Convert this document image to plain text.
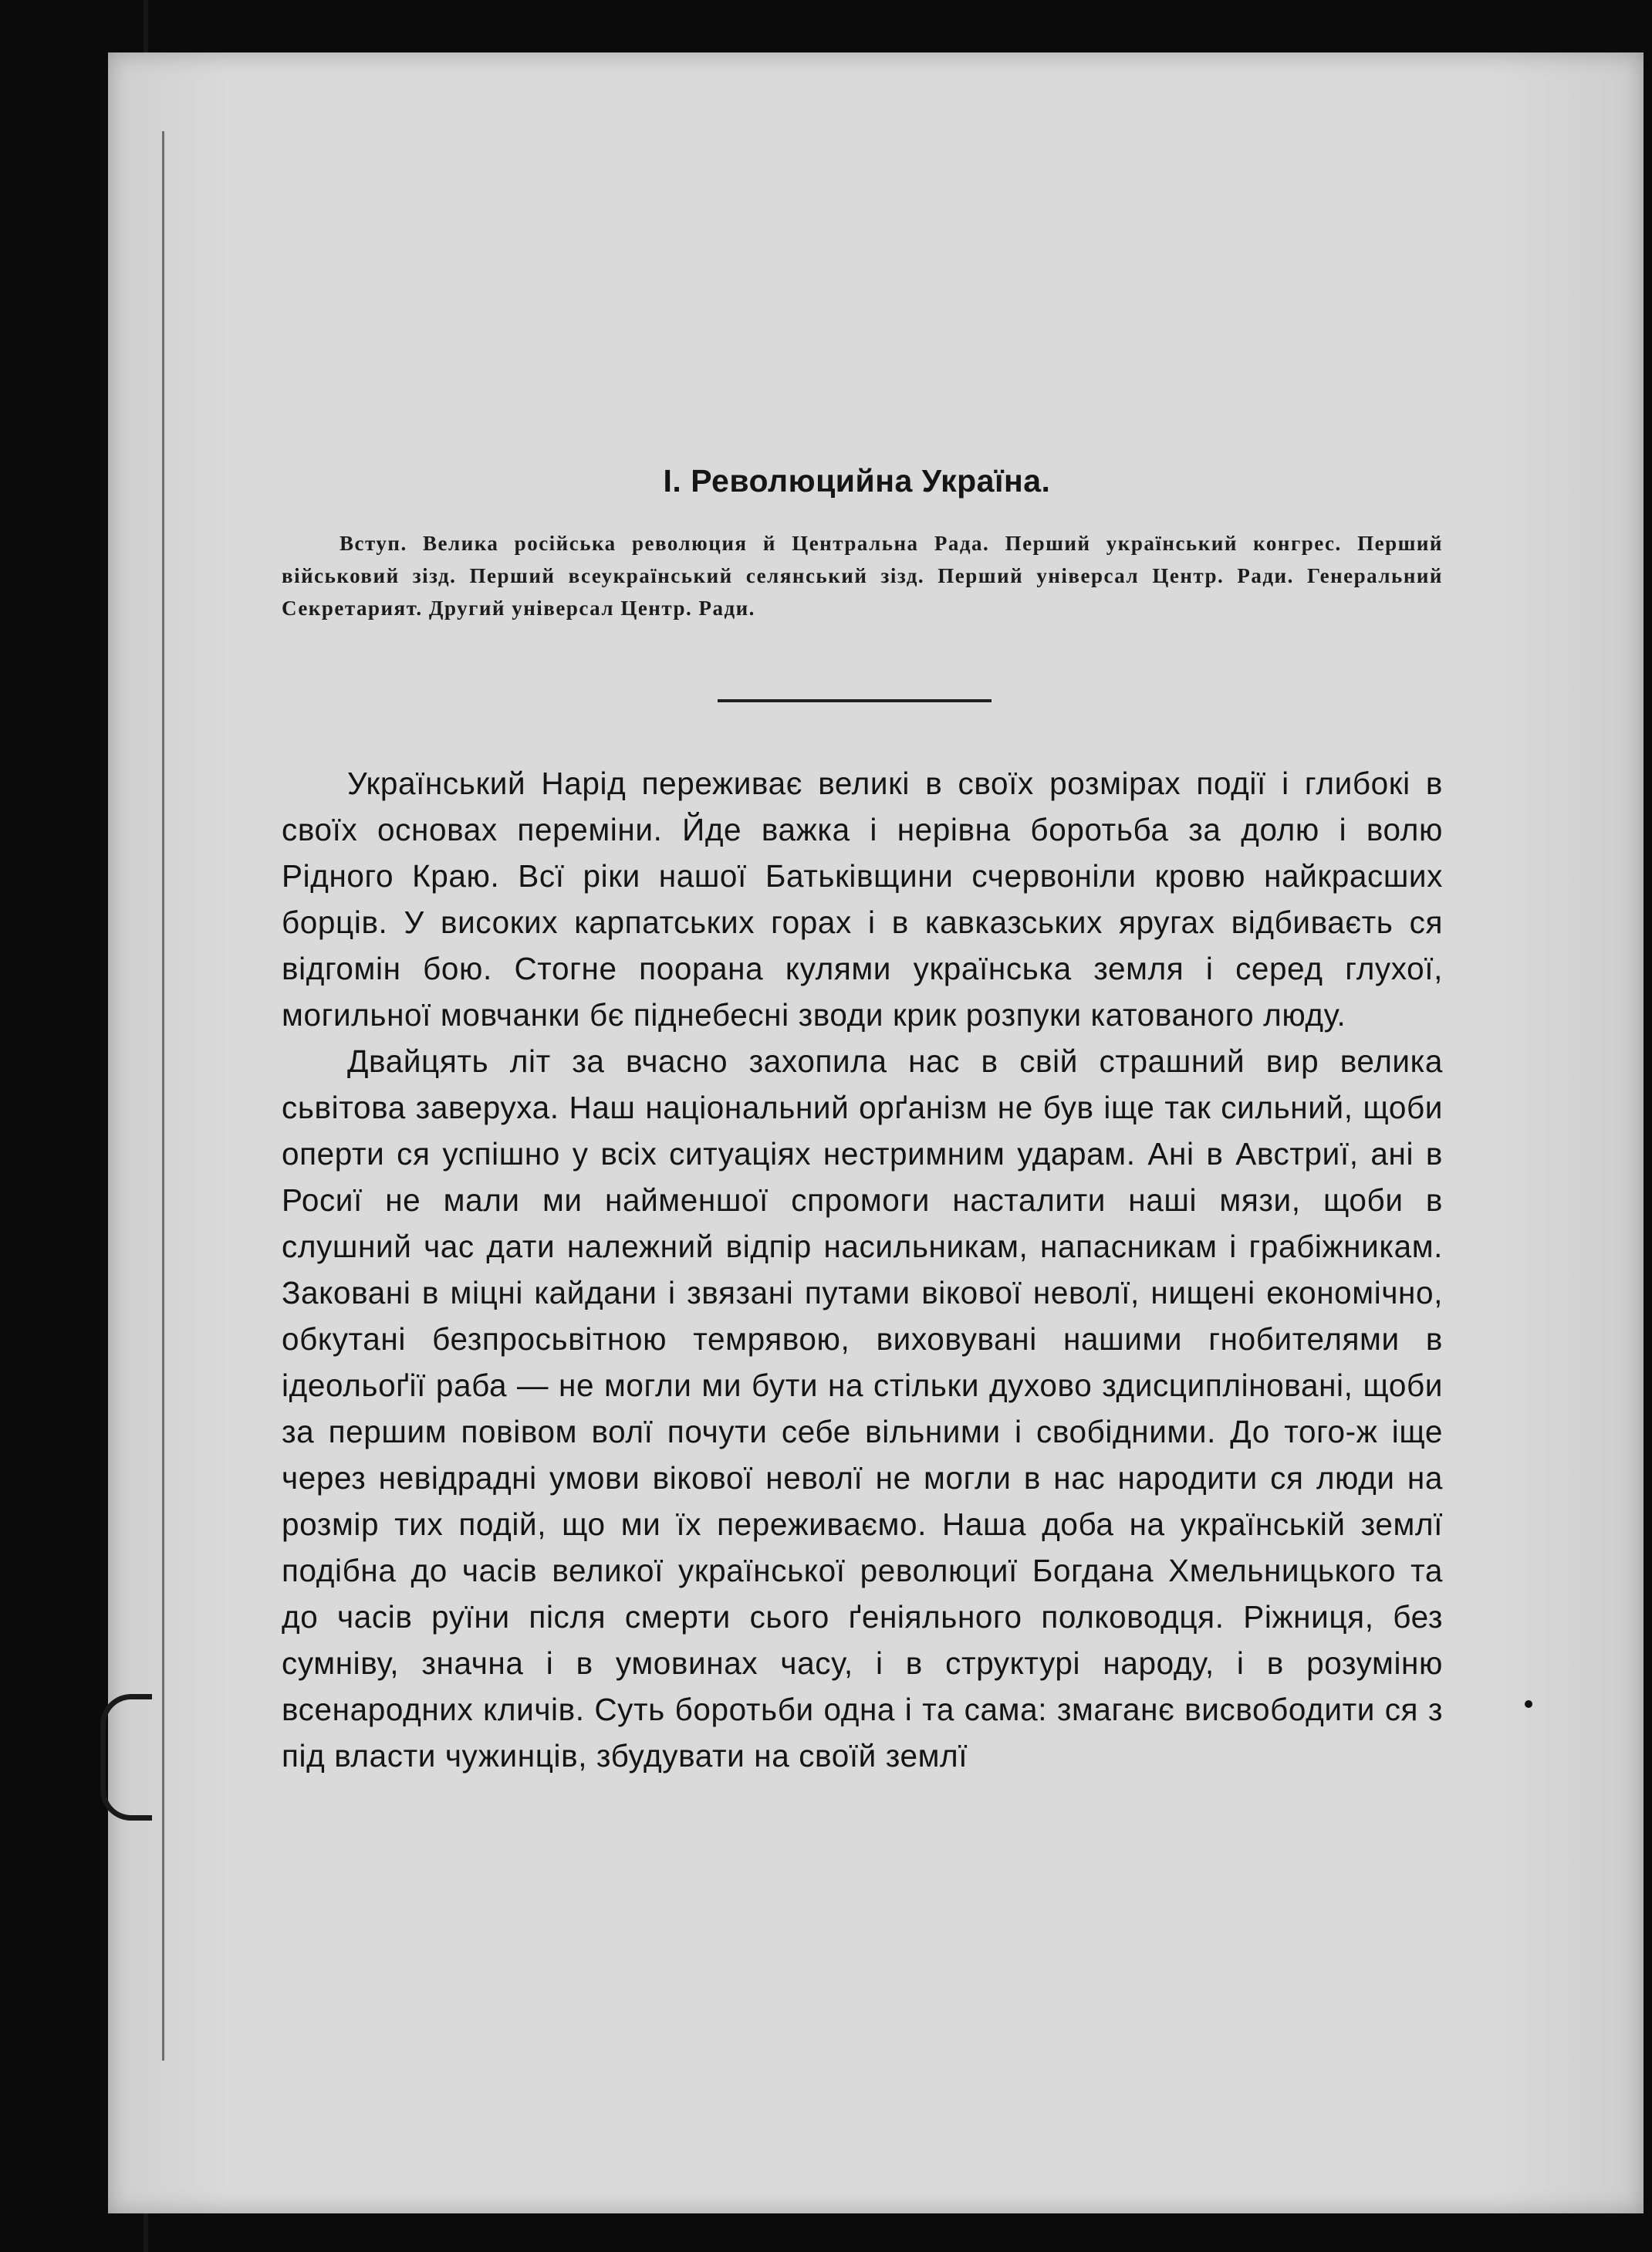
I. Революцийна Україна.
Вступ. Велика російська революция й Центральна Рада. Перший український конгрес. Перший військовий зізд. Перший всеукраїнський селянський зізд. Перший універсал Центр. Ради. Генеральний Секретарият. Другий універсал Центр. Ради.

Український Нарід переживає великі в своїх розмірах події і глибокі в своїх основах переміни. Йде важка і нерівна боротьба за долю і волю Рідного Краю. Всї ріки нашої Батьківщини счервоніли кровю найкрасших борців. У високих карпатських горах і в кавказських яругах відбиваєть ся відгомін бою. Стогне поорана кулями українська земля і серед глухої, могильної мовчанки бє піднебесні зводи крик розпуки катованого люду.

Двайцять літ за вчасно захопила нас в свій страшний вир велика сьвітова заверуха. Наш національний орґанізм не був іще так сильний, щоби оперти ся успішно у всіх ситуаціях нестримним ударам. Ані в Австриї, ані в Росиї не мали ми найменшої спромоги насталити наші мязи, щоби в слушний час дати належний відпір насильникам, напасникам і грабіжникам. Заковані в міцні кайдани і звязані путами вікової неволї, нищені економічно, обкутані безпросьвітною темрявою, виховувані нашими гнобителями в ідеольоґії раба — не могли ми бути на стільки духово здисципліновані, щоби за першим повівом волї почути себе вільними і свобідними. До того-ж іще через невідрадні умови вікової неволї не могли в нас народити ся люди на розмір тих подій, що ми їх переживаємо. Наша доба на українській землї подібна до часів великої української революциї Богдана Хмельницького та до часів руїни після смерти сього ґеніяльного полководця. Ріжниця, без сумніву, значна і в умовинах часу, і в структурі народу, і в розуміню всенародних кличів. Суть боротьби одна і та сама: змаганє висвободити ся з під власти чужинців, збудувати на своїй землї
